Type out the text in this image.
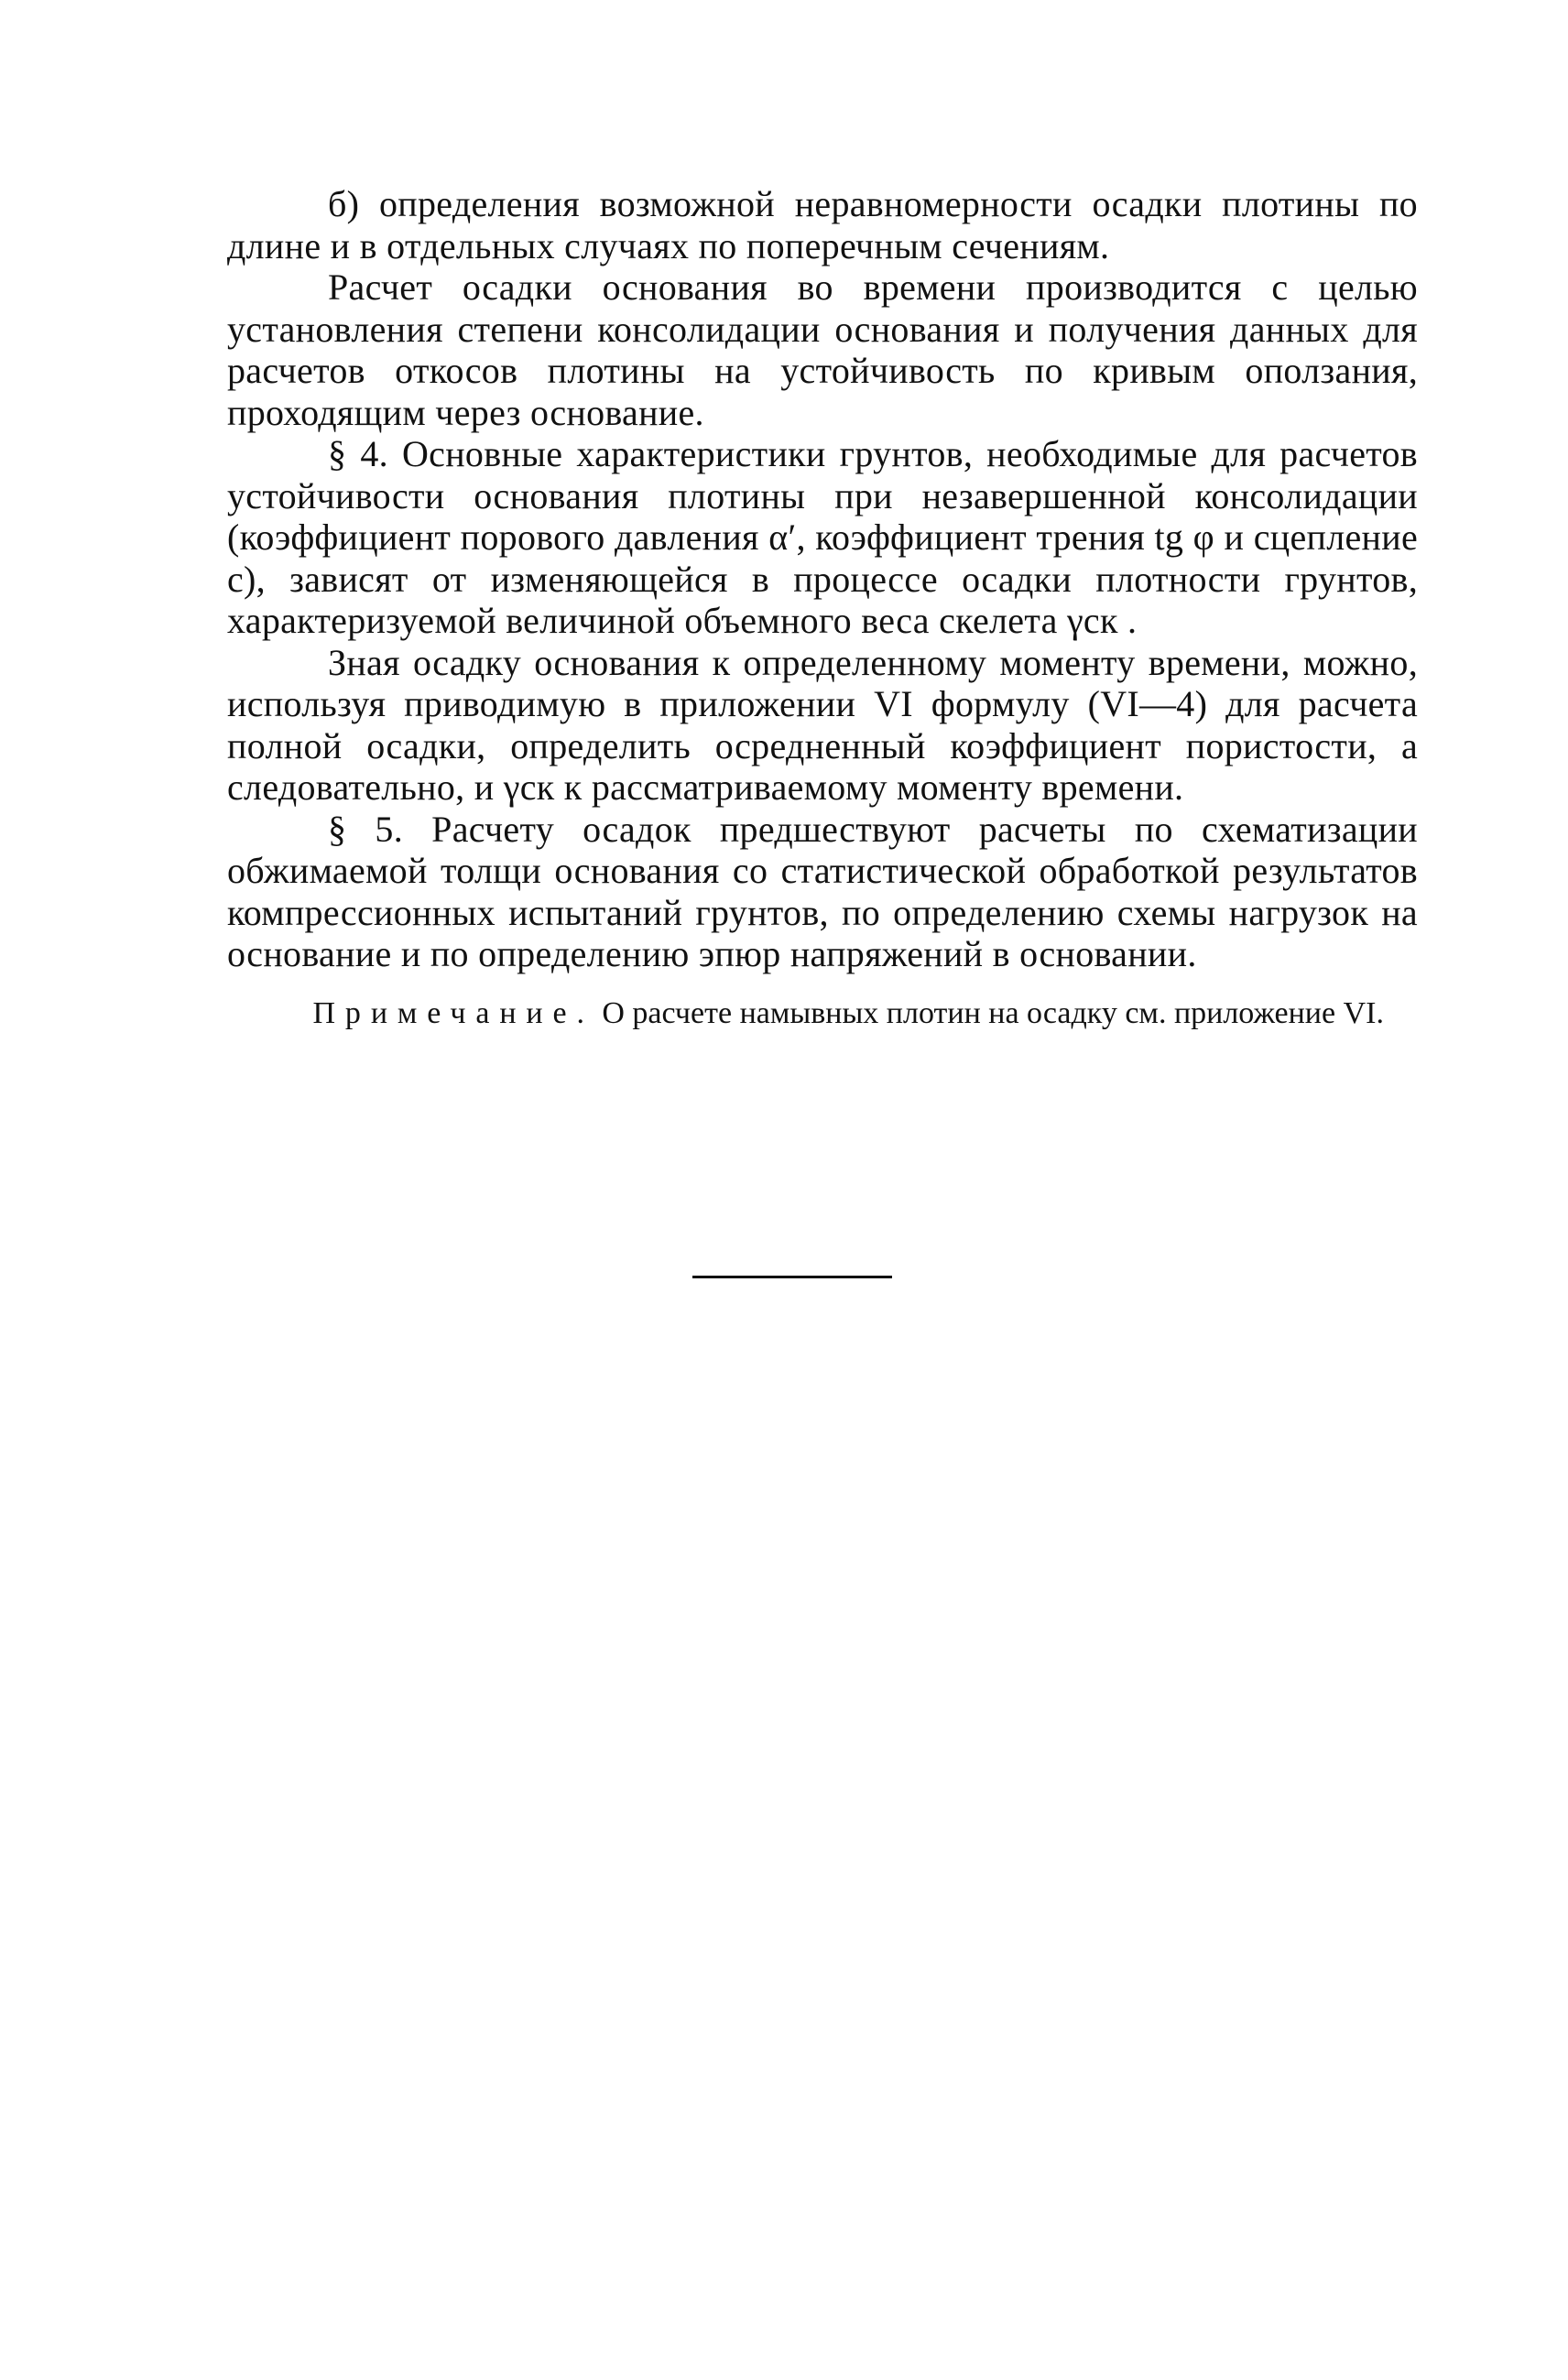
б) определения возможной неравномерности осадки плотины по длине и в отдельных случаях по поперечным сечениям.

Расчет осадки основания во времени производится с целью установления степени консолидации основания и получения данных для расчетов откосов плотины на устойчивость по кривым оползания, проходящим через основание.

§ 4. Основные характеристики грунтов, необходимые для расчетов устойчивости основания плотины при незавершенной консолидации (коэффициент порового давления α′, коэффициент трения tg φ и сцепление c), зависят от изменяющейся в процессе осадки плотности грунтов, характеризуемой величиной объемного веса скелета γск .

Зная осадку основания к определенному моменту времени, можно, используя приводимую в приложении VI формулу (VI—4) для расчета полной осадки, определить осредненный коэффициент пористости, а следовательно, и γск к рассматриваемому моменту времени.

§ 5. Расчету осадок предшествуют расчеты по схематизации обжимаемой толщи основания со статистической обработкой результатов компрессионных испытаний грунтов, по определению схемы нагрузок на основание и по определению эпюр напряжений в основании.

Примечание. О расчете намывных плотин на осадку см. приложение VI.
